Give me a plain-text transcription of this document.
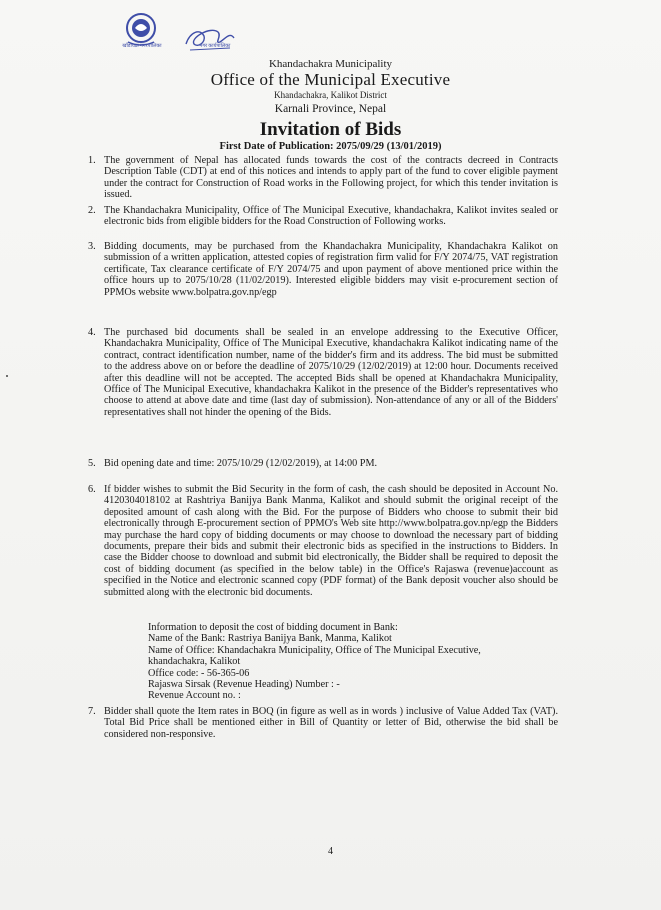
खाँडाचक्र नगरपालिका	नगर कार्यपालिका
Khandachakra Municipality
Office of the Municipal Executive
Khandachakra, Kalikot District
Karnali Province, Nepal
Invitation of Bids
First Date of Publication: 2075/09/29 (13/01/2019)
1. The government of Nepal has allocated funds towards the cost of the contracts decreed in Contracts Description Table (CDT) at end of this notices and intends to apply part of the fund to cover eligible payment under the contract for Construction of Road works in the Following project, for which this tender invitation is issued.
2. The Khandachakra Municipality, Office of The Municipal Executive, khandachakra, Kalikot invites sealed or electronic bids from eligible bidders for the Road Construction of Following works.
3. Bidding documents, may be purchased from the Khandachakra Municipality, Khandachakra Kalikot on submission of a written application, attested copies of registration firm valid for F/Y 2074/75, VAT registration certificate, Tax clearance certificate of F/Y 2074/75 and upon payment of above mentioned price within the office hours up to 2075/10/28 (11/02/2019). Interested eligible bidders may visit e-procurement section of PPMOs website www.bolpatra.gov.np/egp
4. The purchased bid documents shall be sealed in an envelope addressing to the Executive Officer, Khandachakra Municipality, Office of The Municipal Executive, khandachakra Kalikot indicating name of the contract, contract identification number, name of the bidder's firm and its address. The bid must be submitted to the address above on or before the deadline of 2075/10/29 (12/02/2019) at 12:00 hour. Documents received after this deadline will not be accepted. The accepted Bids shall be opened at Khandachakra Municipality, Office of The Municipal Executive, khandachakra Kalikot in the presence of the Bidder's representatives who choose to attend at above date and time (last day of submission). Non-attendance of any or all of the Bidders' representatives shall not hinder the opening of the Bids.
5. Bid opening date and time: 2075/10/29 (12/02/2019), at 14:00 PM.
6. If bidder wishes to submit the Bid Security in the form of cash, the cash should be deposited in Account No. 4120304018102 at Rashtriya Banijya Bank Manma, Kalikot and should submit the original receipt of the deposited amount of cash along with the Bid. For the purpose of Bidders who choose to submit their bid electronically through E-procurement section of PPMO's Web site http://www.bolpatra.gov.np/egp the Bidders may purchase the hard copy of bidding documents or may choose to download the necessary part of bidding documents, prepare their bids and submit their electronic bids as specified in the instructions to Bidders. In case the Bidder choose to download and submit bid electronically, the Bidder shall be required to deposit the cost of bidding document (as specified in the below table) in the Office's Rajaswa (revenue)account as specified in the Notice and electronic scanned copy (PDF format) of the Bank deposit voucher also should be submitted along with the electronic bid documents.
Information to deposit the cost of bidding document in Bank:
Name of the Bank: Rastriya Banijya Bank, Manma, Kalikot
Name of Office: Khandachakra Municipality, Office of The Municipal Executive,
khandachakra, Kalikot
Office code: - 56-365-06
Rajaswa Sirsak (Revenue Heading) Number : -
Revenue Account no. :
7. Bidder shall quote the Item rates in BOQ (in figure as well as in words ) inclusive of Value Added Tax (VAT). Total Bid Price shall be mentioned either in Bill of Quantity or letter of Bid, otherwise the bid shall be considered non-responsive.
4
